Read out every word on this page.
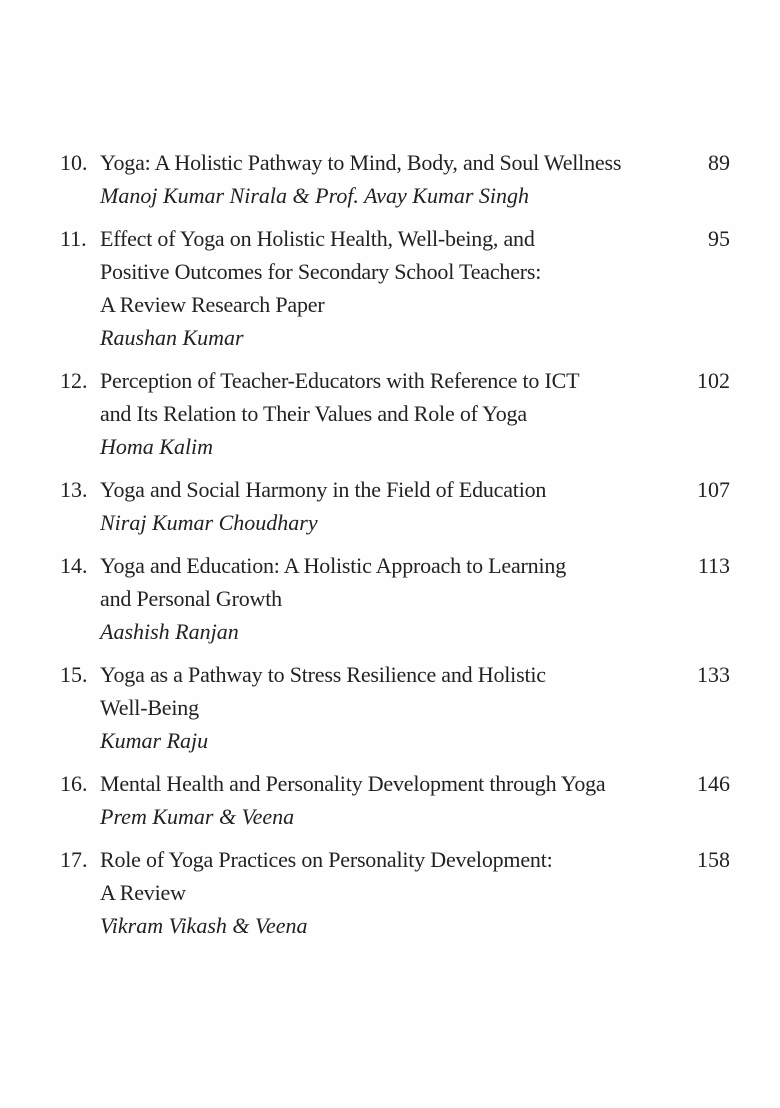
10. Yoga: A Holistic Pathway to Mind, Body, and Soul Wellness
Manoj Kumar Nirala & Prof. Avay Kumar Singh
89
11. Effect of Yoga on Holistic Health, Well-being, and
Positive Outcomes for Secondary School Teachers:
A Review Research Paper
Raushan Kumar
95
12. Perception of Teacher-Educators with Reference to ICT
and Its Relation to Their Values and Role of Yoga
Homa Kalim
102
13. Yoga and Social Harmony in the Field of Education
Niraj Kumar Choudhary
107
14. Yoga and Education: A Holistic Approach to Learning
and Personal Growth
Aashish Ranjan
113
15. Yoga as a Pathway to Stress Resilience and Holistic
Well-Being
Kumar Raju
133
16. Mental Health and Personality Development through Yoga
Prem Kumar & Veena
146
17. Role of Yoga Practices on Personality Development:
A Review
Vikram Vikash & Veena
158
